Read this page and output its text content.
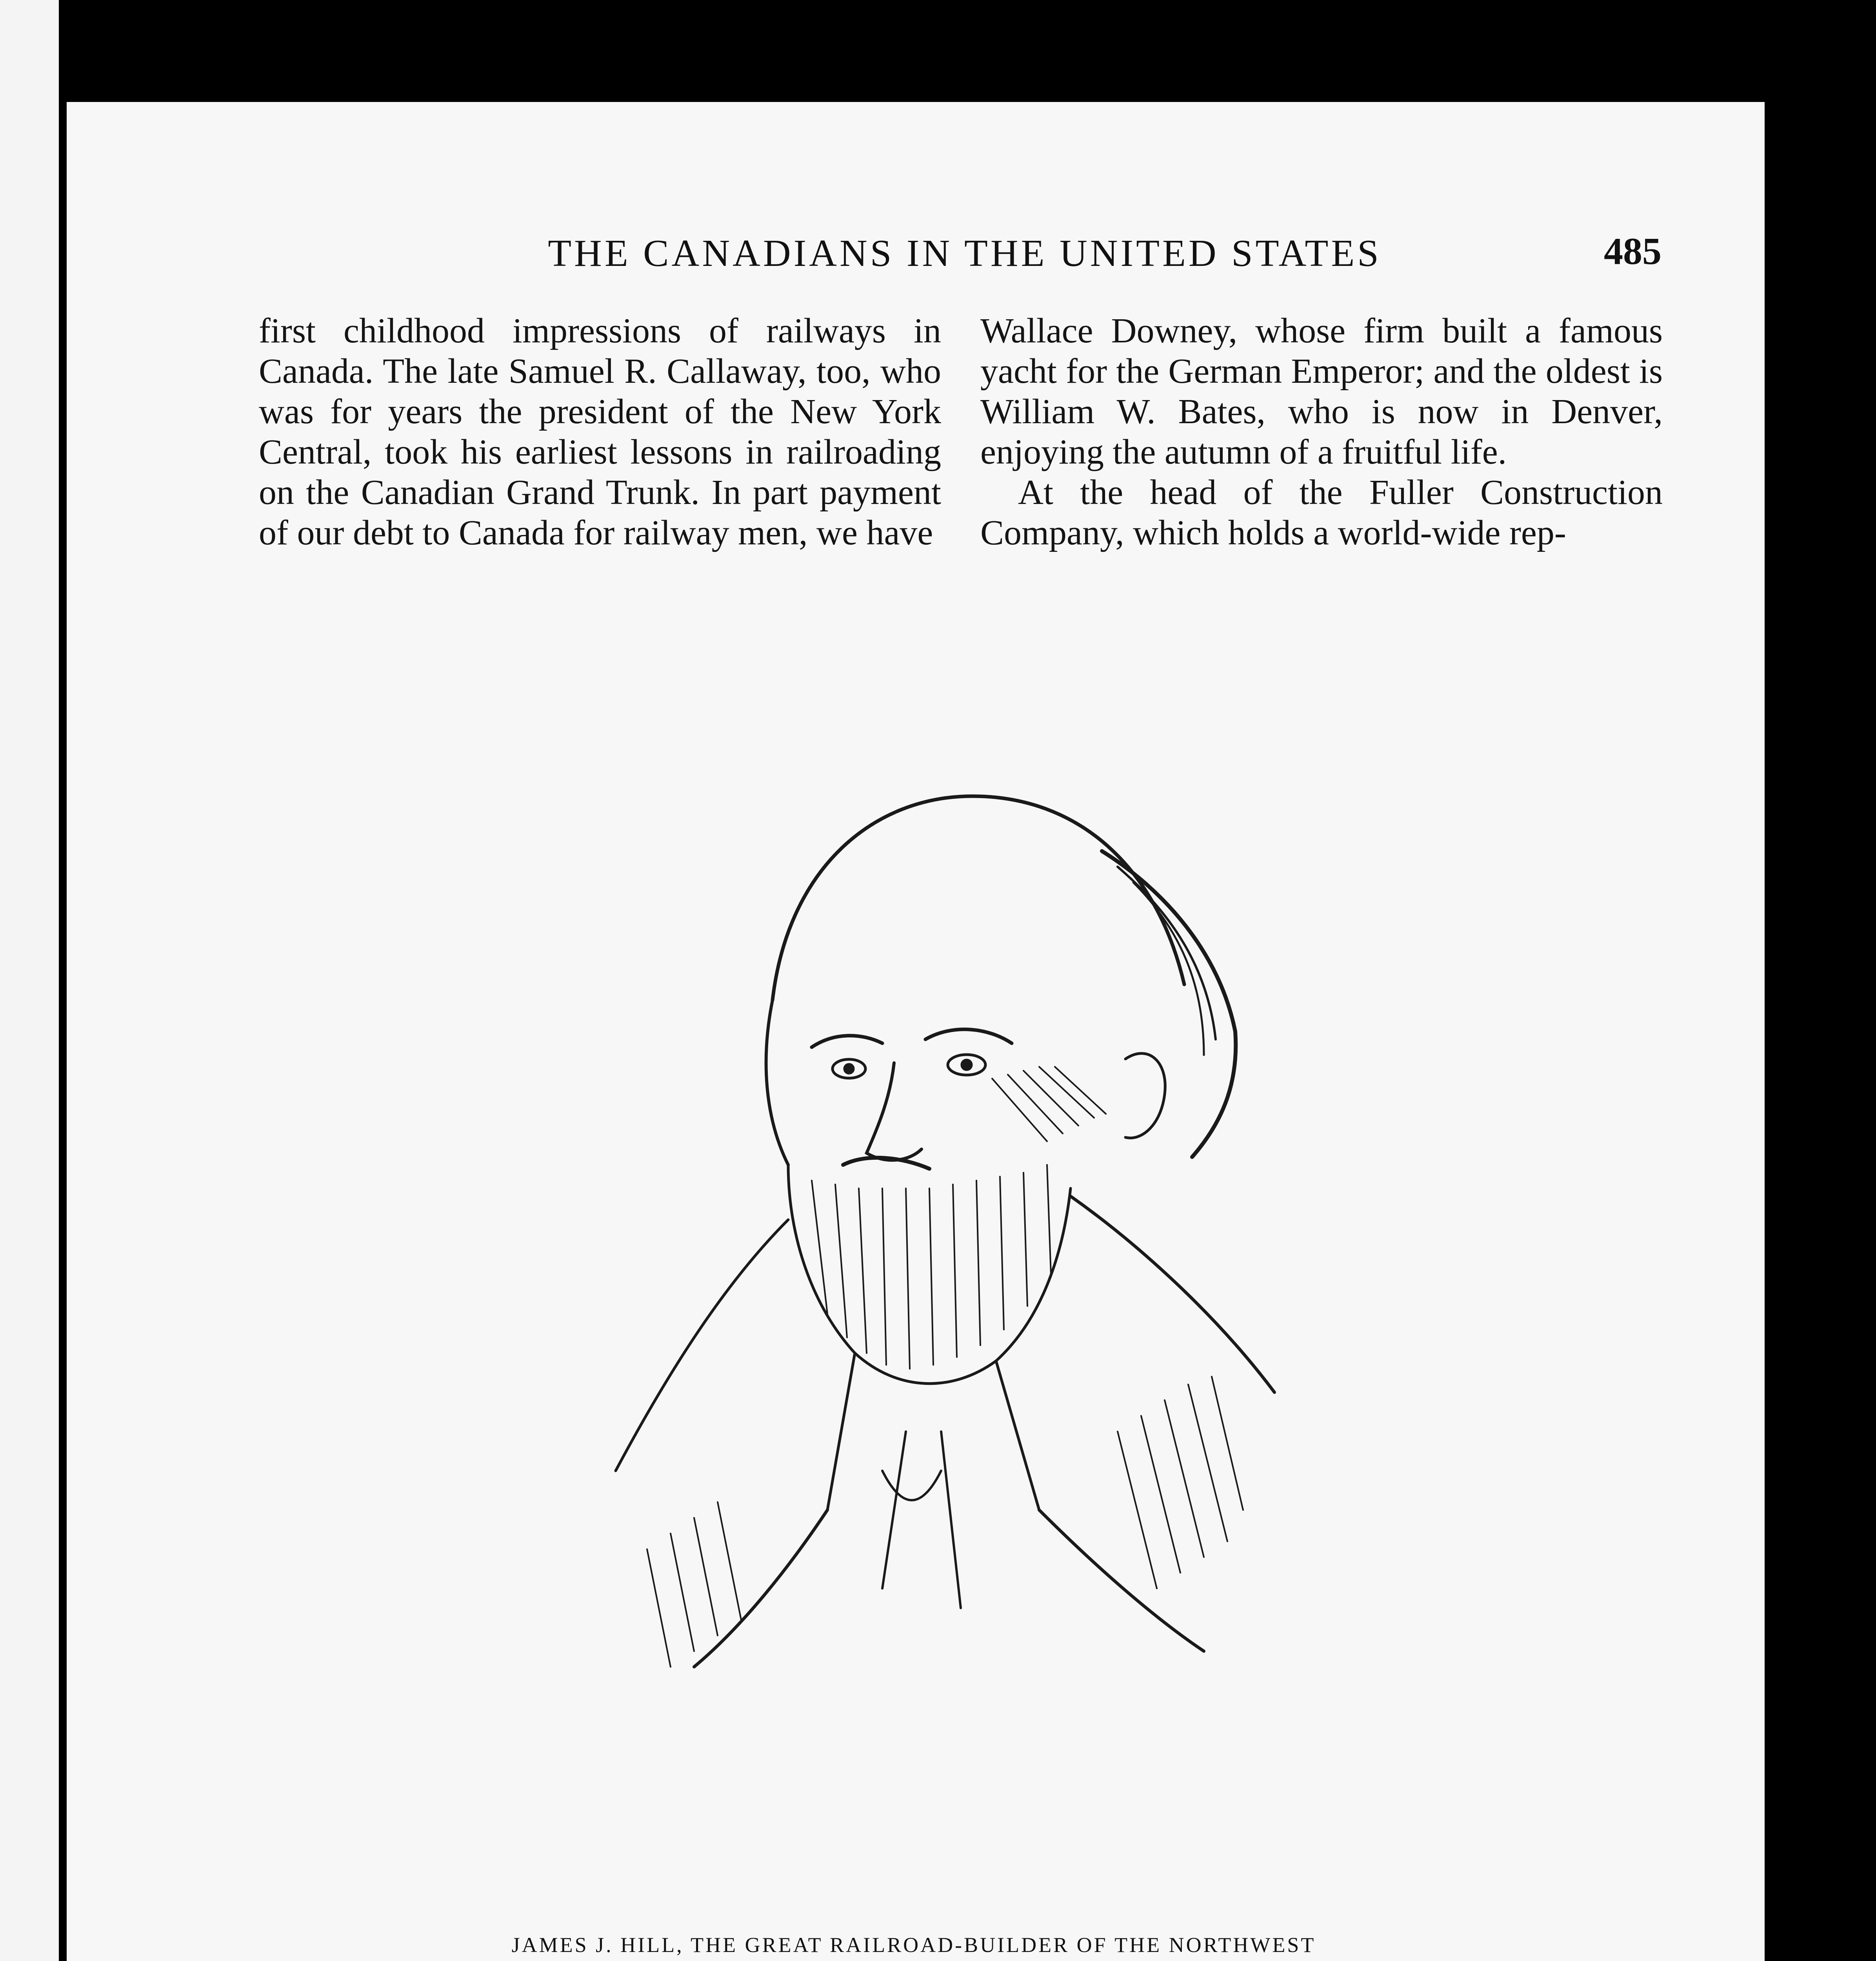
THE CANADIANS IN THE UNITED STATES	485

first childhood impressions of railways in Canada. The late Samuel R. Callaway, too, who was for years the president of the New York Central, took his earliest lessons in railroading on the Canadian Grand Trunk. In part payment of our debt to Canada for railway men, we have

Wallace Downey, whose firm built a famous yacht for the German Emperor; and the oldest is William W. Bates, who is now in Denver, enjoying the autumn of a fruitful life.

At the head of the Fuller Construction Company, which holds a world-wide rep-

JAMES J. HILL, THE GREAT RAILROAD-BUILDER OF THE NORTHWEST
